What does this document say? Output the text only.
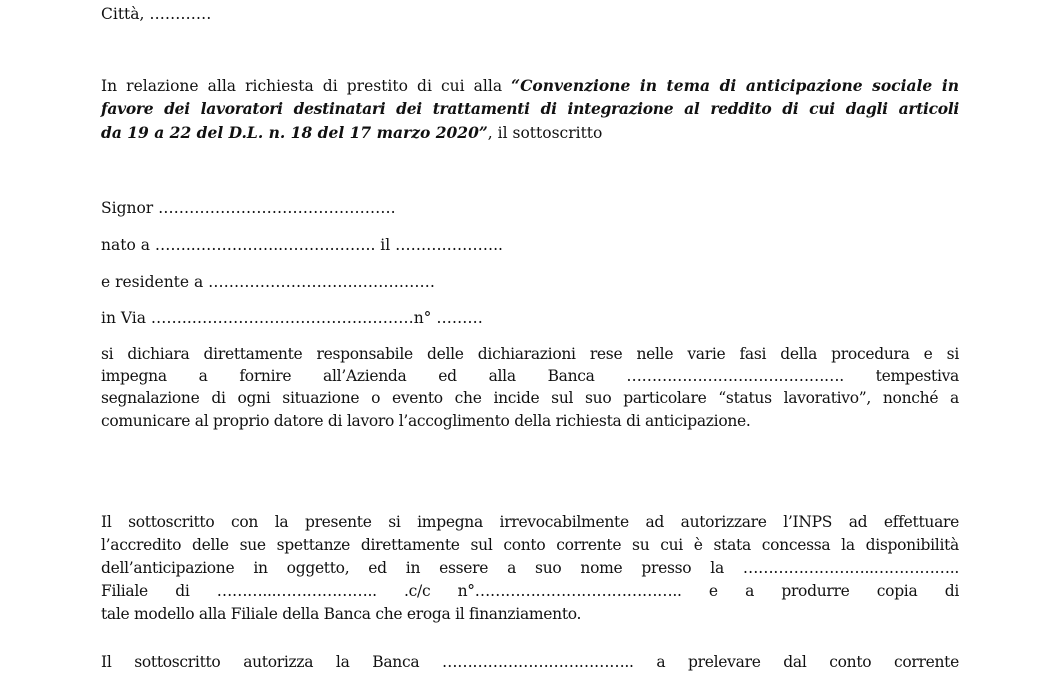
Città, …………
In relazione alla richiesta di prestito di cui alla “Convenzione in tema di anticipazione sociale in
favore dei lavoratori destinatari dei trattamenti di integrazione al reddito di cui dagli articoli
da 19 a 22 del D.L. n. 18 del 17 marzo 2020”, il sottoscritto
Signor ……………………………………….
nato a ……..……………..……….…….. il ……….………..
e residente a ………………………..……………
in Via ……..…………………………….………n° ………
si dichiara direttamente responsabile delle dichiarazioni rese nelle varie fasi della procedura e si
impegna a fornire all’Azienda ed alla Banca ……………………………………. tempestiva
segnalazione di ogni situazione o evento che incide sul suo particolare “status lavorativo”, nonché a
comunicare al proprio datore di lavoro l’accoglimento della richiesta di anticipazione.
Il sottoscritto con la presente si impegna irrevocabilmente ad autorizzare l’INPS ad effettuare
l’accredito delle sue spettanze direttamente sul conto corrente su cui è stata concessa la disponibilità
dell’anticipazione in oggetto, ed in essere a suo nome presso la ……………………..……………..
Filiale di ………...……………….. .c/c n°………………………………….. e a produrre copia di
tale modello alla Filiale della Banca che eroga il finanziamento.
Il sottoscritto autorizza la Banca ……………………………….. a prelevare dal conto corrente
